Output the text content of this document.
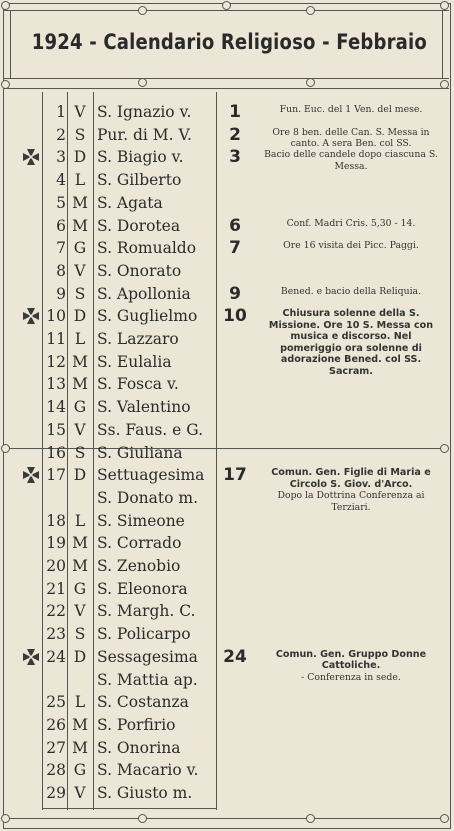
1924 - Calendario Religioso - Febbraio
1 V S. Ignazio v.
2 S Pur. di M. V.
3 D S. Biagio v.
4 L S. Gilberto
5 M S. Agata
6 M S. Dorotea
7 G S. Romualdo
8 V S. Onorato
9 S S. Apollonia
10 D S. Guglielmo
11 L S. Lazzaro
12 M S. Eulalia
13 M S. Fosca v.
14 G S. Valentino
15 V Ss. Faus. e G.
16 S S. Giuliana
17 D Settuagesima
S. Donato m.
18 L S. Simeone
19 M S. Corrado
20 M S. Zenobio
21 G S. Eleonora
22 V S. Margh. C.
23 S S. Policarpo
24 D Sessagesima
S. Mattia ap.
25 L S. Costanza
26 M S. Porfirio
27 M S. Onorina
28 G S. Macario v.
29 V S. Giusto m.
1
2
3
6
7
9
10
17
24
Fun. Euc. del 1 Ven. del mese.
Ore 8 ben. delle Can. S. Messa in canto. A sera Ben. col SS.
Bacio delle candele dopo ciascuna S. Messa.
Conf. Madri Cris. 5,30 - 14.
Ore 16 visita dei Picc. Paggi.
Bened. e bacio della Reliquia.
Chiusura solenne della S. Missione. Ore 10 S. Messa con musica e discorso. Nel pomeriggio ora solenne di adorazione Bened. col SS. Sacram.
Comun. Gen. Figlie di Maria e Circolo S. Giov. d'Arco.
Dopo la Dottrina Conferenza ai Terziari.
Comun. Gen. Gruppo Donne Cattoliche.
- Conferenza in sede.
